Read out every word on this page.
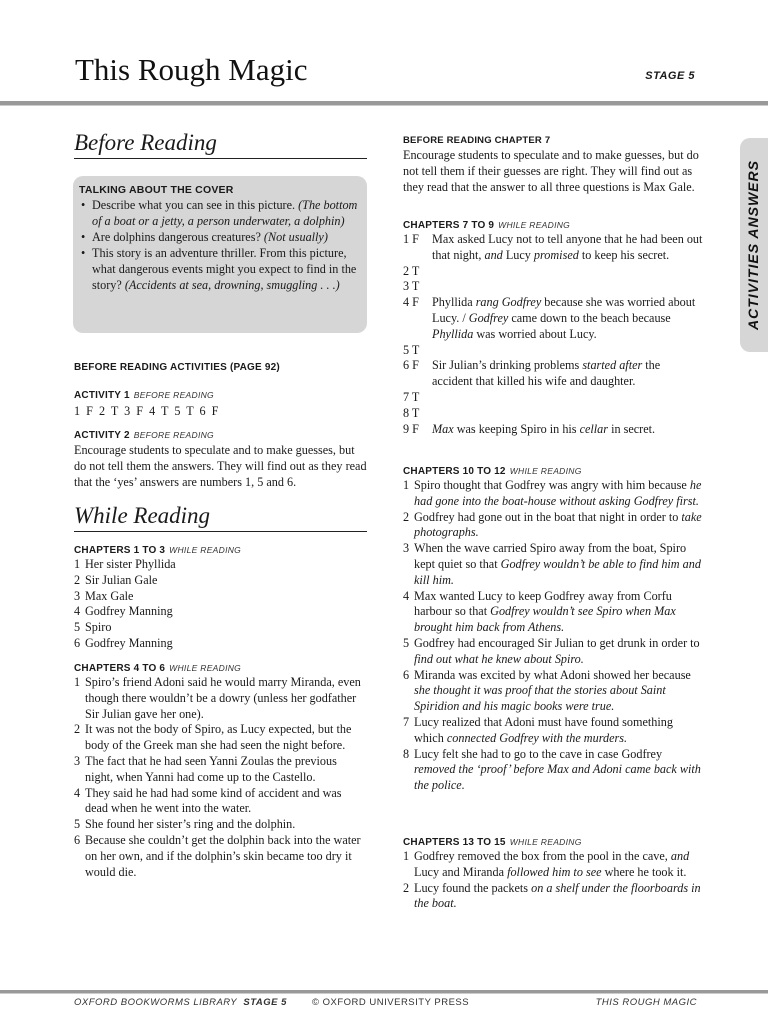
This Rough Magic	STAGE 5
ACTIVITIES ANSWERS
Before Reading
TALKING ABOUT THE COVER
• Describe what you can see in this picture. (The bottom of a boat or a jetty, a person underwater, a dolphin)
• Are dolphins dangerous creatures? (Not usually)
• This story is an adventure thriller. From this picture, what dangerous events might you expect to find in the story? (Accidents at sea, drowning, smuggling . . .)
BEFORE READING ACTIVITIES (PAGE 92)
ACTIVITY 1 BEFORE READING
1 F 2 T 3 F 4 T 5 T 6 F
ACTIVITY 2 BEFORE READING
Encourage students to speculate and to make guesses, but do not tell them the answers. They will find out as they read that the ‘yes’ answers are numbers 1, 5 and 6.
While Reading
CHAPTERS 1 TO 3 WHILE READING
1 Her sister Phyllida
2 Sir Julian Gale
3 Max Gale
4 Godfrey Manning
5 Spiro
6 Godfrey Manning
CHAPTERS 4 TO 6 WHILE READING
1 Spiro’s friend Adoni said he would marry Miranda, even though there wouldn’t be a dowry (unless her godfather Sir Julian gave her one).
2 It was not the body of Spiro, as Lucy expected, but the body of the Greek man she had seen the night before.
3 The fact that he had seen Yanni Zoulas the previous night, when Yanni had come up to the Castello.
4 They said he had had some kind of accident and was dead when he went into the water.
5 She found her sister’s ring and the dolphin.
6 Because she couldn’t get the dolphin back into the water on her own, and if the dolphin’s skin became too dry it would die.
BEFORE READING CHAPTER 7
Encourage students to speculate and to make guesses, but do not tell them if their guesses are right. They will find out as they read that the answer to all three questions is Max Gale.
CHAPTERS 7 TO 9 WHILE READING
1 F Max asked Lucy not to tell anyone that he had been out that night, and Lucy promised to keep his secret.
2 T

3 T

4 F Phyllida rang Godfrey because she was worried about Lucy. / Godfrey came down to the beach because Phyllida was worried about Lucy.
5 T

6 F Sir Julian’s drinking problems started after the accident that killed his wife and daughter.
7 T

8 T

9 F Max was keeping Spiro in his cellar in secret.
CHAPTERS 10 TO 12 WHILE READING
1 Spiro thought that Godfrey was angry with him because he had gone into the boat-house without asking Godfrey first.
2 Godfrey had gone out in the boat that night in order to take photographs.
3 When the wave carried Spiro away from the boat, Spiro kept quiet so that Godfrey wouldn’t be able to find him and kill him.
4 Max wanted Lucy to keep Godfrey away from Corfu harbour so that Godfrey wouldn’t see Spiro when Max brought him back from Athens.
5 Godfrey had encouraged Sir Julian to get drunk in order to find out what he knew about Spiro.
6 Miranda was excited by what Adoni showed her because she thought it was proof that the stories about Saint Spiridion and his magic books were true.
7 Lucy realized that Adoni must have found something which connected Godfrey with the murders.
8 Lucy felt she had to go to the cave in case Godfrey removed the ‘proof’ before Max and Adoni came back with the police.
CHAPTERS 13 TO 15 WHILE READING
1 Godfrey removed the box from the pool in the cave, and Lucy and Miranda followed him to see where he took it.
2 Lucy found the packets on a shelf under the floorboards in the boat.
OXFORD BOOKWORMS LIBRARY STAGE 5	© OXFORD UNIVERSITY PRESS	THIS ROUGH MAGIC
